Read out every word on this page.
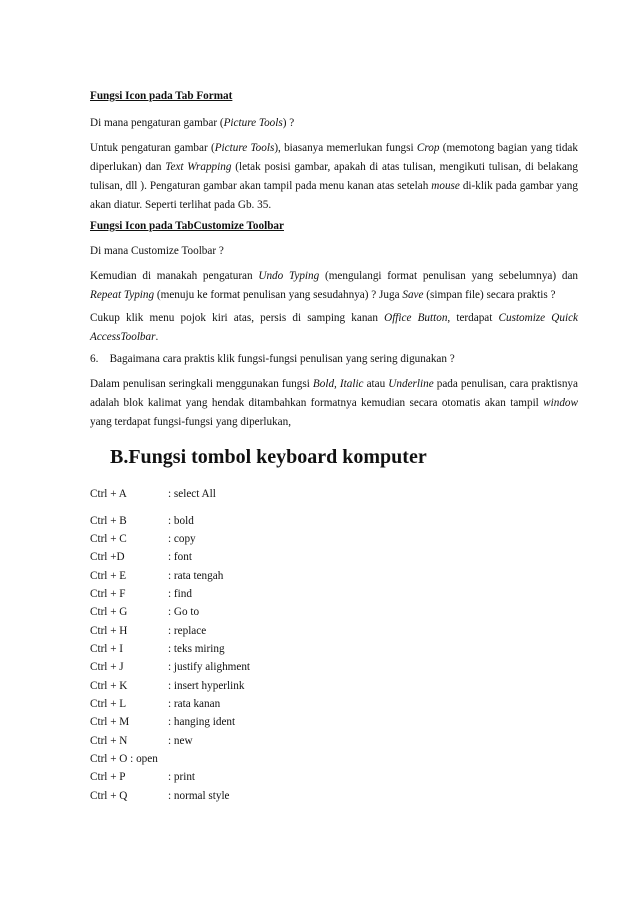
Fungsi Icon pada Tab Format

Di mana pengaturan gambar (Picture Tools) ?

Untuk pengaturan gambar (Picture Tools), biasanya memerlukan fungsi Crop (memotong bagian yang tidak diperlukan) dan Text Wrapping (letak posisi gambar, apakah di atas tulisan, mengikuti tulisan, di belakang tulisan, dll ). Pengaturan gambar akan tampil pada menu kanan atas setelah mouse di-klik pada gambar yang akan diatur. Seperti terlihat pada Gb. 35.

Fungsi Icon pada TabCustomize Toolbar

Di mana Customize Toolbar ?

Kemudian di manakah pengaturan Undo Typing (mengulangi format penulisan yang sebelumnya) dan Repeat Typing (menuju ke format penulisan yang sesudahnya) ? Juga Save (simpan file) secara praktis ?

Cukup klik menu pojok kiri atas, persis di samping kanan Office Button, terdapat Customize Quick AccessToolbar.

6.    Bagaimana cara praktis klik fungsi-fungsi penulisan yang sering digunakan ?

Dalam penulisan seringkali menggunakan fungsi Bold, Italic atau Underline pada penulisan, cara praktisnya adalah blok kalimat yang hendak ditambahkan formatnya kemudian secara otomatis akan tampil window yang terdapat fungsi-fungsi yang diperlukan,

B.Fungsi tombol keyboard komputer
Ctrl + A	: select All
Ctrl + B	: bold
Ctrl + C	: copy
Ctrl +D	: font
Ctrl + E	: rata tengah
Ctrl + F	: find
Ctrl + G	: Go to
Ctrl + H	: replace
Ctrl + I	: teks miring
Ctrl + J	: justify alighment
Ctrl + K	: insert hyperlink
Ctrl + L	: rata kanan
Ctrl + M	: hanging ident
Ctrl + N	: new
Ctrl + O : open
Ctrl + P	: print
Ctrl + Q	: normal style
